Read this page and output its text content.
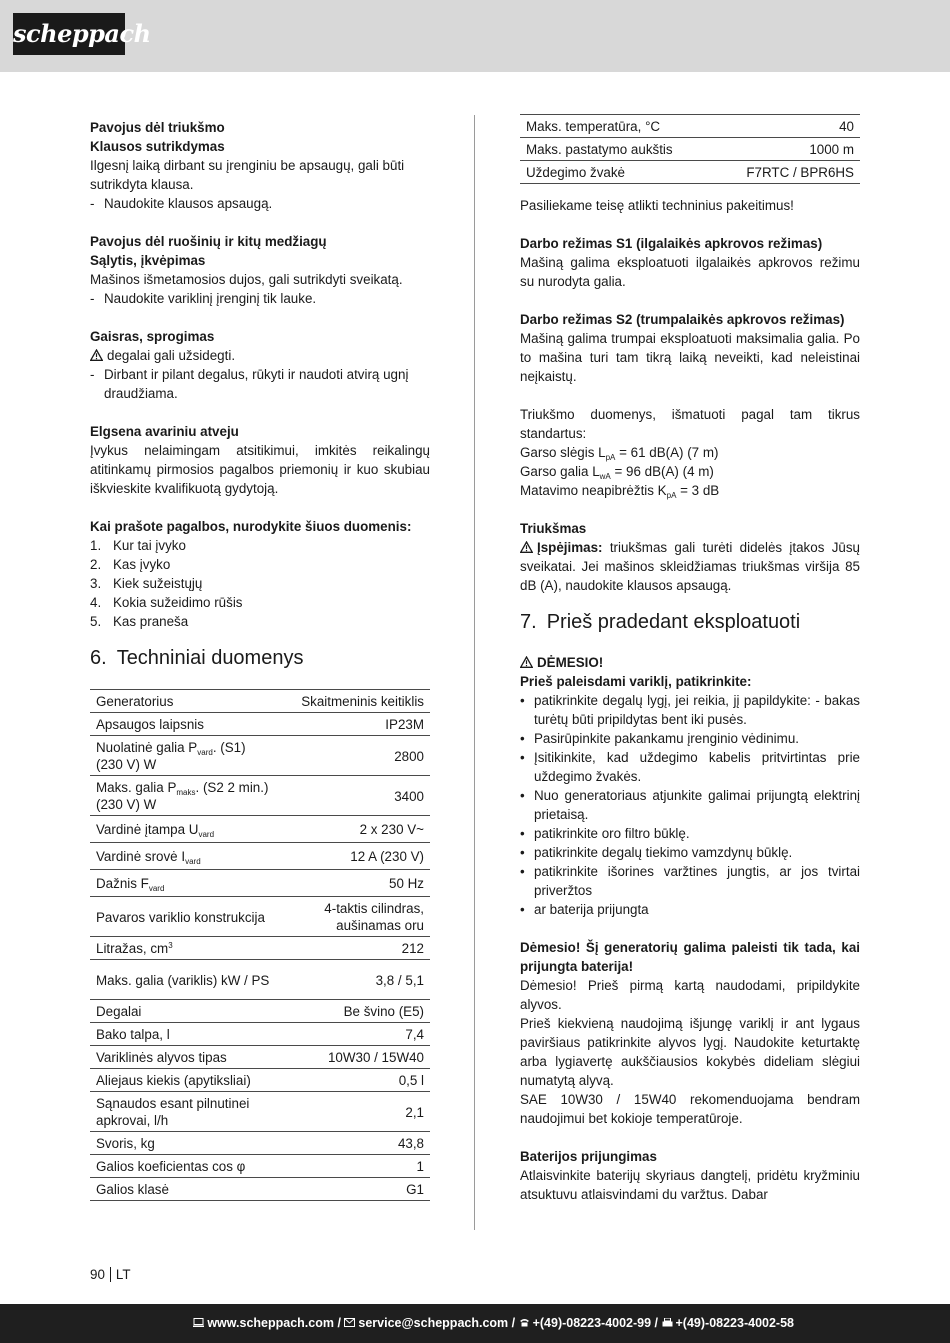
scheppach

Pavojus dėl triukšmo

Klausos sutrikdymas

Ilgesnį laiką dirbant su įrenginiu be apsaugų, gali būti sutrikdyta klausa.

- Naudokite klausos apsaugą.

Pavojus dėl ruošinių ir kitų medžiagų

Sąlytis, įkvėpimas

Mašinos išmetamosios dujos, gali sutrikdyti sveikatą.

- Naudokite variklinį įrenginį tik lauke.

Gaisras, sprogimas

degalai gali užsidegti.

- Dirbant ir pilant degalus, rūkyti ir naudoti atvirą ugnį draudžiama.

Elgsena avariniu atveju

Įvykus nelaimingam atsitikimui, imkitės reikalingų atitinkamų pirmosios pagalbos priemonių ir kuo skubiau iškvieskite kvalifikuotą gydytoją.

Kai prašote pagalbos, nurodykite šiuos duomenis:

1. Kur tai įvyko
2. Kas įvyko
3. Kiek sužeistųjų
4. Kokia sužeidimo rūšis
5. Kas praneša
6. Techniniai duomenys
Generatorius	Skaitmeninis keitiklis
Apsaugos laipsnis	IP23M
Nuolatinė galia $P_{vard}$. (S1) (230 V) W	2800
Maks. galia $P_{maks}$. (S2 2 min.) (230 V) W	3400
Vardinė įtampa $U_{vard}$	2 x 230 V~
Vardinė srovė $I_{vard}$	12 A (230 V)
Dažnis $F_{vard}$	50 Hz
Pavaros variklio konstrukcija	4-taktis cilindras, aušinamas oru
Litražas, $cm^3$	212
Maks. galia (variklis) kW / PS	3,8 / 5,1
Degalai	Be švino (E5)
Bako talpa, l	7,4
Variklinės alyvos tipas	10W30 / 15W40
Aliejaus kiekis (apytiksliai)	0,5 l
Sąnaudos esant pilnutinei apkrovai, l/h	2,1
Svoris, kg	43,8
Galios koeficientas cos φ	1
Galios klasė	G1
Maks. temperatūra, °C	40
Maks. pastatymo aukštis	1000 m
Uždegimo žvakė	F7RTC / BPR6HS

Pasiliekame teisę atlikti techninius pakeitimus!

Darbo režimas S1 (ilgalaikės apkrovos režimas)

Mašiną galima eksploatuoti ilgalaikės apkrovos režimu su nurodyta galia.

Darbo režimas S2 (trumpalaikės apkrovos režimas)

Mašiną galima trumpai eksploatuoti maksimalia galia. Po to mašina turi tam tikrą laiką neveikti, kad neleistinai neįkaistų.

Triukšmo duomenys, išmatuoti pagal tam tikrus standartus:

Garso slėgis $L_{pA} = 61$ dB(A) (7 m)

Garso galia $L_{wA} = 96$ dB(A) (4 m)

Matavimo neapibrėžtis $K_{pA} = 3$ dB

Triukšmas

Įspėjimas: triukšmas gali turėti didelės įtakos Jūsų sveikatai. Jei mašinos skleidžiamas triukšmas viršija 85 dB (A), naudokite klausos apsaugą.

7. Prieš pradedant eksploatuoti

DĖMESIO!

Prieš paleisdami variklį, patikrinkite:

• patikrinkite degalų lygį, jei reikia, jį papildykite: - bakas turėtų būti pripildytas bent iki pusės.
• Pasirūpinkite pakankamu įrenginio vėdinimu.
• Įsitikinkite, kad uždegimo kabelis pritvirtintas prie uždegimo žvakės.
• Nuo generatoriaus atjunkite galimai prijungtą elektrinį prietaisą.
• patikrinkite oro filtro būklę.
• patikrinkite degalų tiekimo vamzdynų būklę.
• patikrinkite išorines varžtines jungtis, ar jos tvirtai priveržtos
• ar baterija prijungta

Dėmesio! Šį generatorių galima paleisti tik tada, kai prijungta baterija!

Dėmesio! Prieš pirmą kartą naudodami, pripildykite alyvos.

Prieš kiekvieną naudojimą išjungę variklį ir ant lygaus paviršiaus patikrinkite alyvos lygį. Naudokite keturtaktę arba lygiavertę aukščiausios kokybės dideliam slėgiui numatytą alyvą.

SAE 10W30 / 15W40 rekomenduojama bendram naudojimui bet kokioje temperatūroje.

Baterijos prijungimas

Atlaisvinkite baterijų skyriaus dangtelį, pridėtu kryžminiu atsuktuvu atlaisvindami du varžtus. Dabar

90 LT
www.scheppach.com / service@scheppach.com / +(49)-08223-4002-99 / +(49)-08223-4002-58
